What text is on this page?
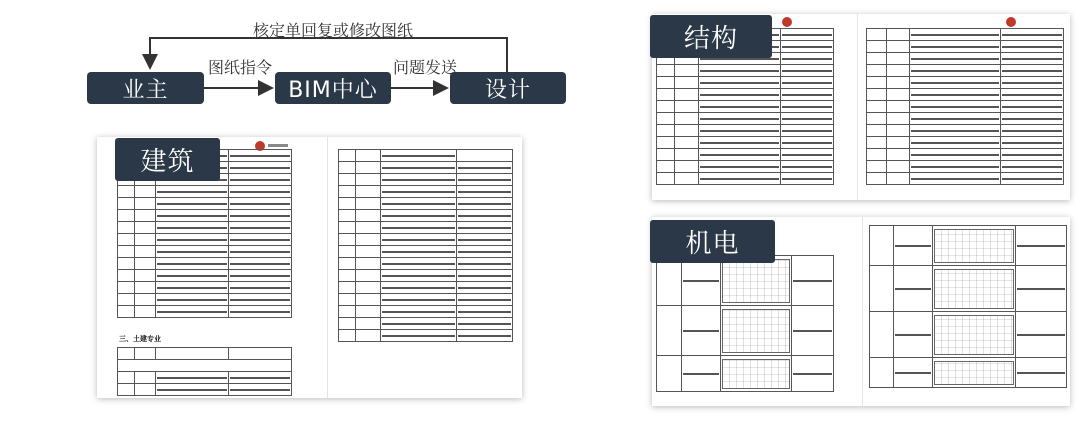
业主	BIM中心	设计
图纸指令	问题发送
核定单回复或修改图纸

三、土建专业

建筑

结构

机电
